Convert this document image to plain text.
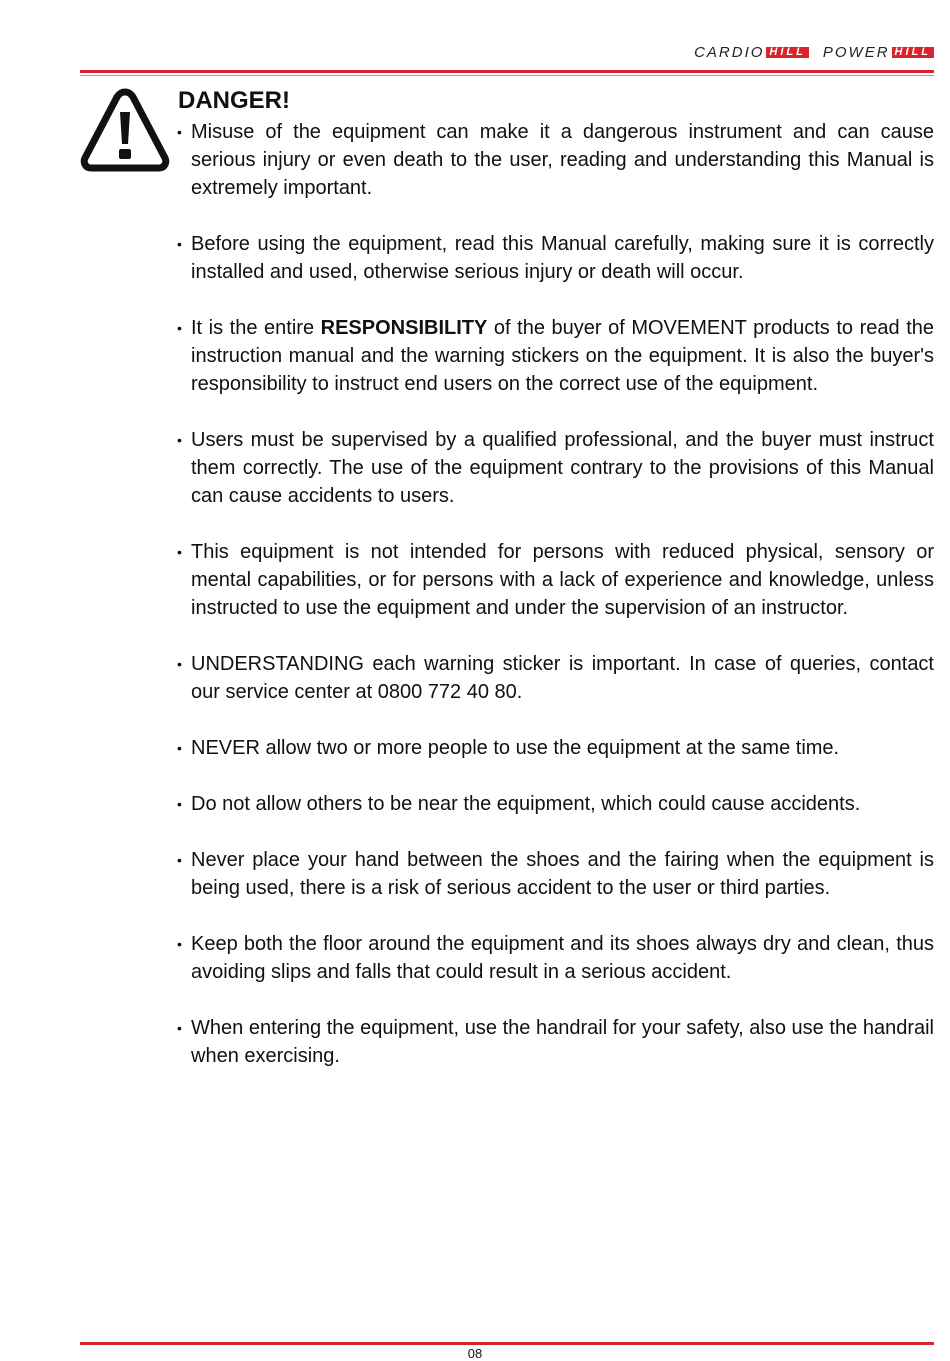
CARDIO HILL POWER HILL
DANGER!
• Misuse of the equipment can make it a dangerous instrument and can cause serious injury or even death to the user, reading and understanding this Manual is extremely important.
• Before using the equipment, read this Manual carefully, making sure it is correctly installed and used, otherwise serious injury or death will occur.
• It is the entire RESPONSIBILITY of the buyer of MOVEMENT products to read the instruction manual and the warning stickers on the equipment. It is also the buyer's responsibility to instruct end users on the correct use of the equipment.
• Users must be supervised by a qualified professional, and the buyer must instruct them correctly. The use of the equipment contrary to the provisions of this Manual can cause accidents to users.
• This equipment is not intended for persons with reduced physical, sensory or mental capabilities, or for persons with a lack of experience and knowledge, unless instructed to use the equipment and under the supervision of an instructor.
• UNDERSTANDING each warning sticker is important. In case of queries, contact our service center at 0800 772 40 80.
• NEVER allow two or more people to use the equipment at the same time.
• Do not allow others to be near the equipment, which could cause accidents.
• Never place your hand between the shoes and the fairing when the equipment is being used, there is a risk of serious accident to the user or third parties.
• Keep both the floor around the equipment and its shoes always dry and clean, thus avoiding slips and falls that could result in a serious accident.
• When entering the equipment, use the handrail for your safety, also use the handrail when exercising.
08
